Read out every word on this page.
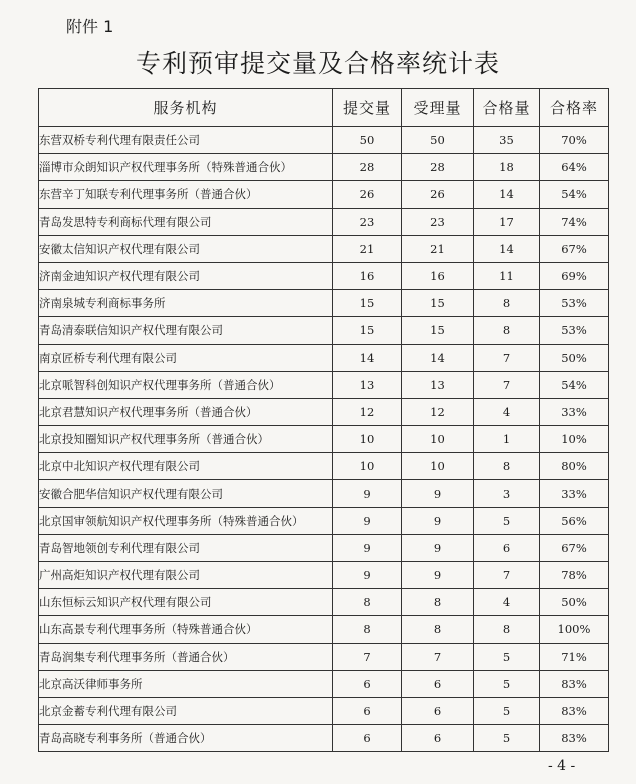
附件 1
专利预审提交量及合格率统计表
服务机构	提交量	受理量	合格量	合格率
东营双桥专利代理有限责任公司	50	50	35	70%
淄博市众朗知识产权代理事务所（特殊普通合伙）	28	28	18	64%
东营辛丁知联专利代理事务所（普通合伙）	26	26	14	54%
青岛发思特专利商标代理有限公司	23	23	17	74%
安徽太信知识产权代理有限公司	21	21	14	67%
济南金迪知识产权代理有限公司	16	16	11	69%
济南泉城专利商标事务所	15	15	8	53%
青岛清泰联信知识产权代理有限公司	15	15	8	53%
南京匠桥专利代理有限公司	14	14	7	50%
北京哌智科创知识产权代理事务所（普通合伙）	13	13	7	54%
北京君慧知识产权代理事务所（普通合伙）	12	12	4	33%
北京投知圈知识产权代理事务所（普通合伙）	10	10	1	10%
北京中北知识产权代理有限公司	10	10	8	80%
安徽合肥华信知识产权代理有限公司	9	9	3	33%
北京国审领航知识产权代理事务所（特殊普通合伙）	9	9	5	56%
青岛智地领创专利代理有限公司	9	9	6	67%
广州高炬知识产权代理有限公司	9	9	7	78%
山东恒标云知识产权代理有限公司	8	8	4	50%
山东高景专利代理事务所（特殊普通合伙）	8	8	8	100%
青岛润集专利代理事务所（普通合伙）	7	7	5	71%
北京高沃律师事务所	6	6	5	83%
北京金蓄专利代理有限公司	6	6	5	83%
青岛高晓专利事务所（普通合伙）	6	6	5	83%
- 4 -
